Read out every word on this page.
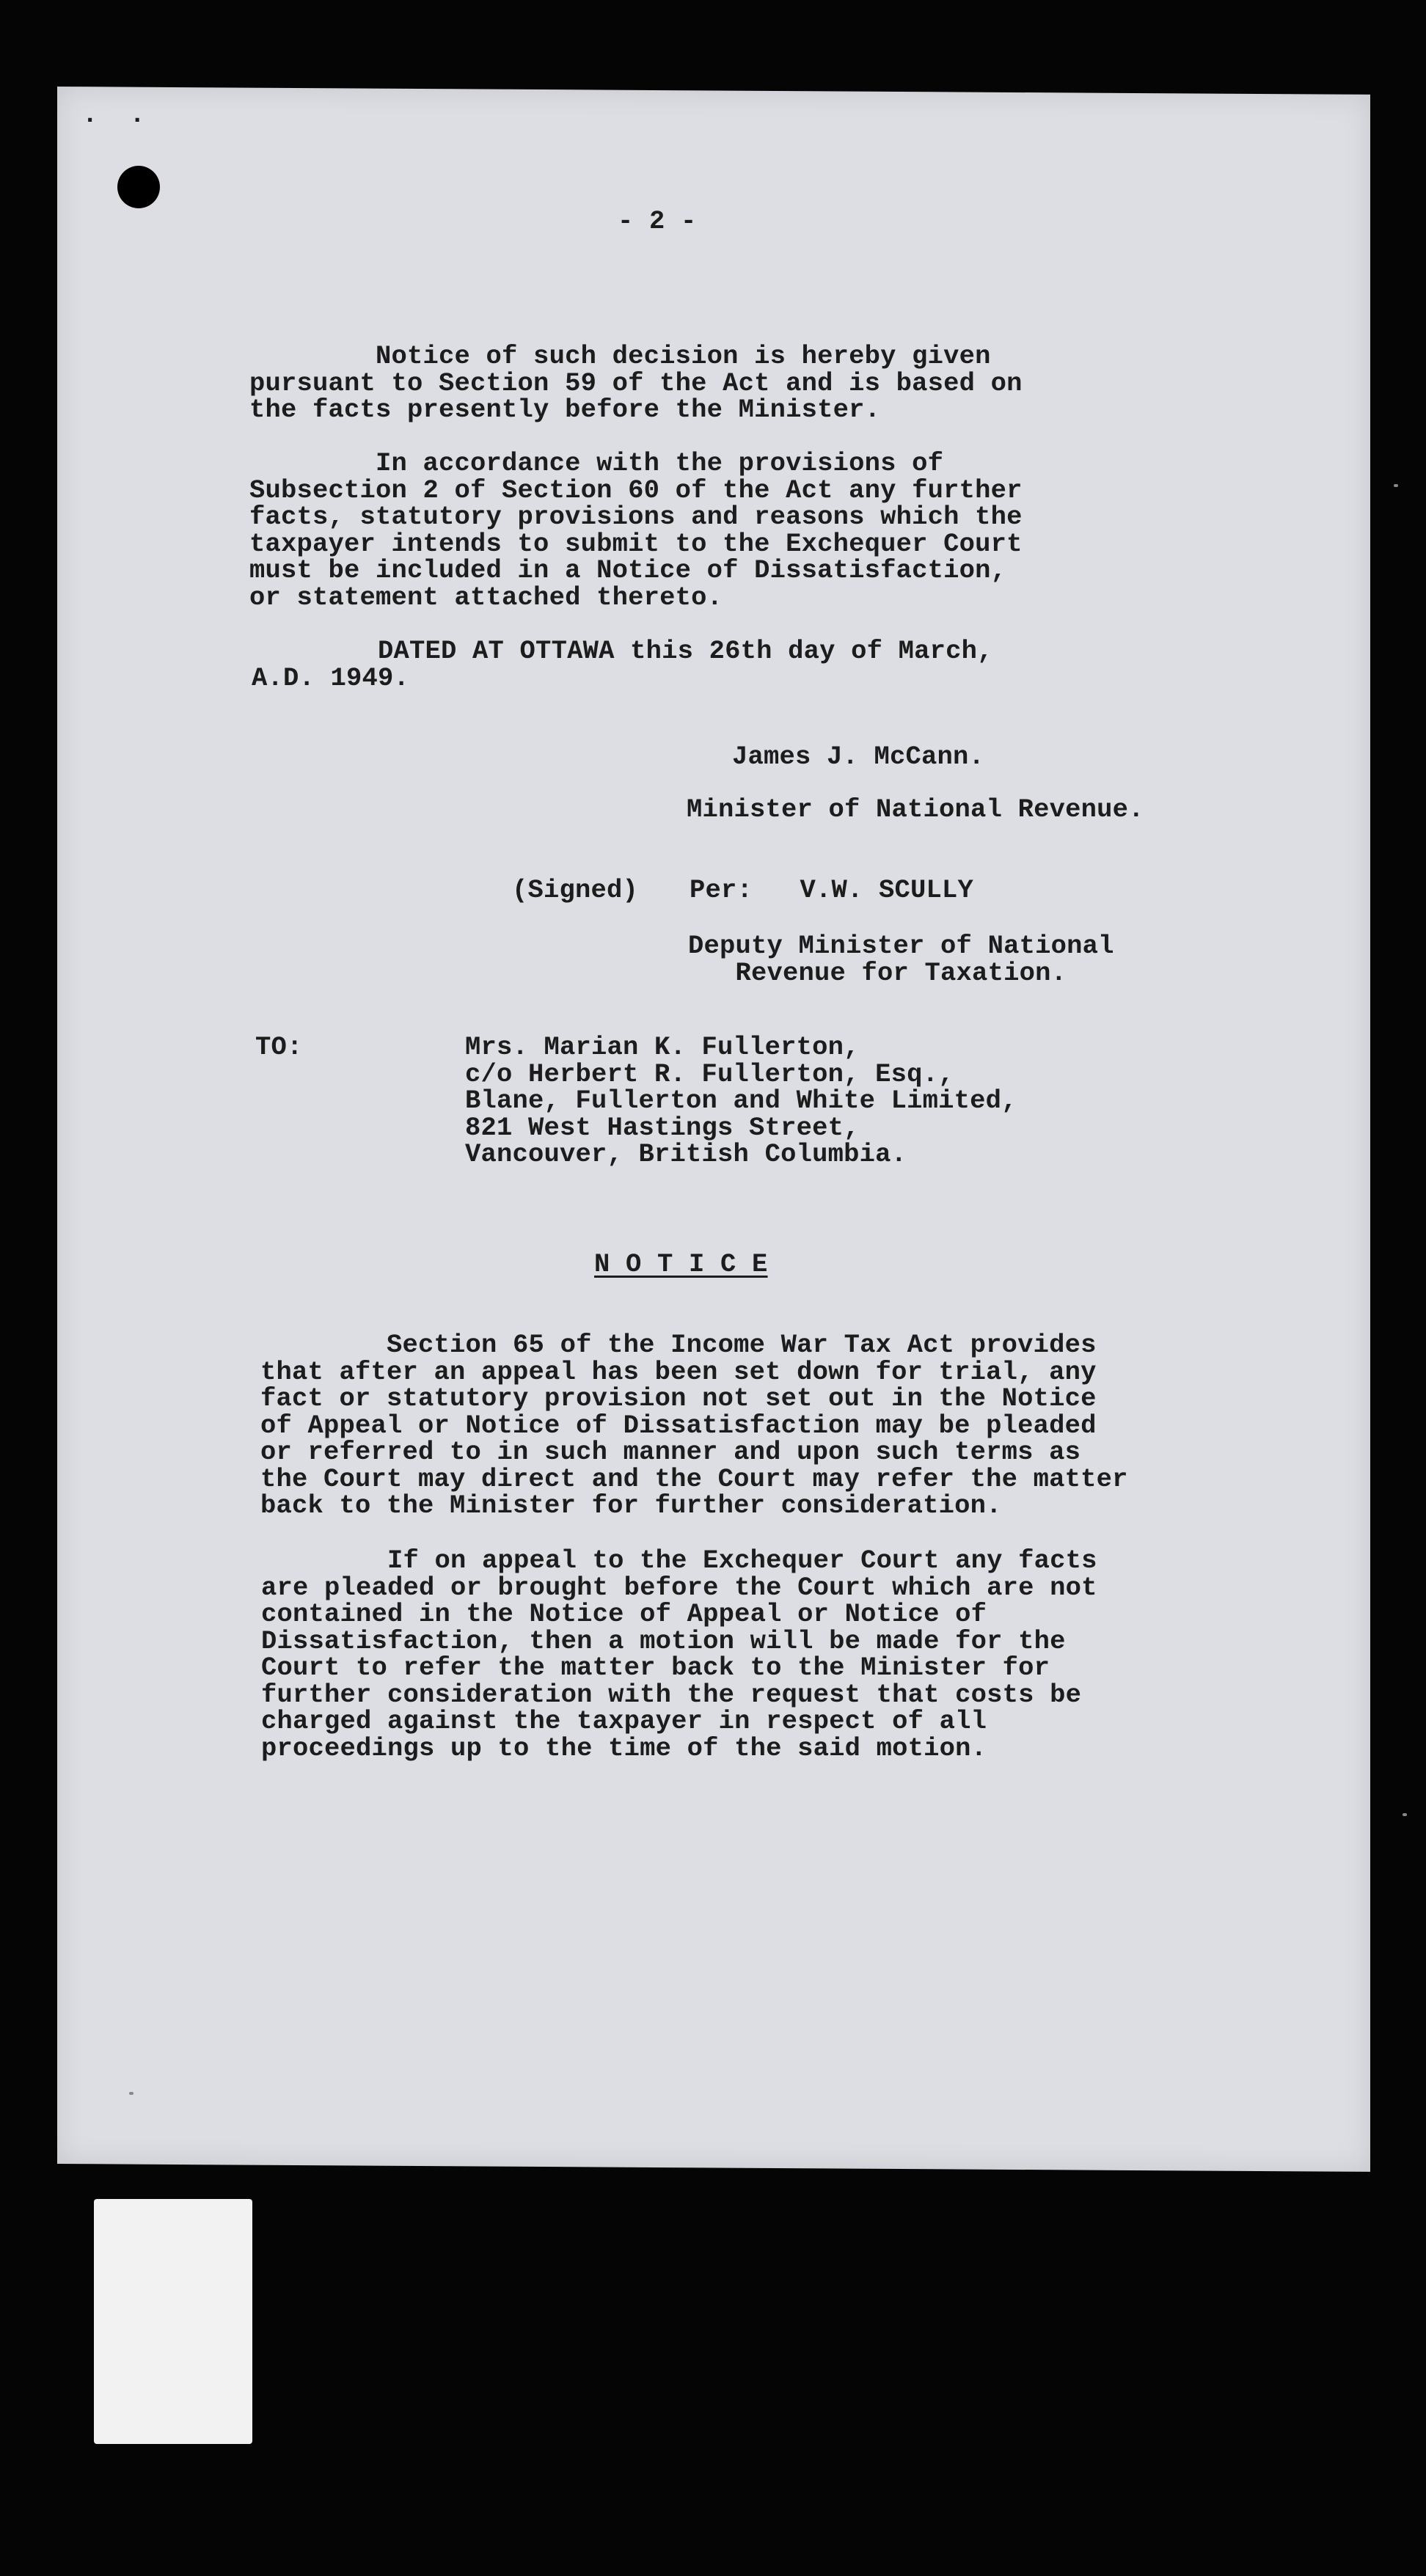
·  ·
- 2 -
Notice of such decision is hereby given
pursuant to Section 59 of the Act and is based on
the facts presently before the Minister.
In accordance with the provisions of
Subsection 2 of Section 60 of the Act any further
facts, statutory provisions and reasons which the
taxpayer intends to submit to the Exchequer Court
must be included in a Notice of Dissatisfaction,
or statement attached thereto.
DATED AT OTTAWA this 26th day of March,
A.D. 1949.
James J. McCann.
Minister of National Revenue.
(Signed) Per:   V.W. SCULLY
Deputy Minister of National
Revenue for Taxation.
TO:	Mrs. Marian K. Fullerton,
c/o Herbert R. Fullerton, Esq.,
Blane, Fullerton and White Limited,
821 West Hastings Street,
Vancouver, British Columbia.
N O T I C E
Section 65 of the Income War Tax Act provides
that after an appeal has been set down for trial, any
fact or statutory provision not set out in the Notice
of Appeal or Notice of Dissatisfaction may be pleaded
or referred to in such manner and upon such terms as
the Court may direct and the Court may refer the matter
back to the Minister for further consideration.
If on appeal to the Exchequer Court any facts
are pleaded or brought before the Court which are not
contained in the Notice of Appeal or Notice of
Dissatisfaction, then a motion will be made for the
Court to refer the matter back to the Minister for
further consideration with the request that costs be
charged against the taxpayer in respect of all
proceedings up to the time of the said motion.
